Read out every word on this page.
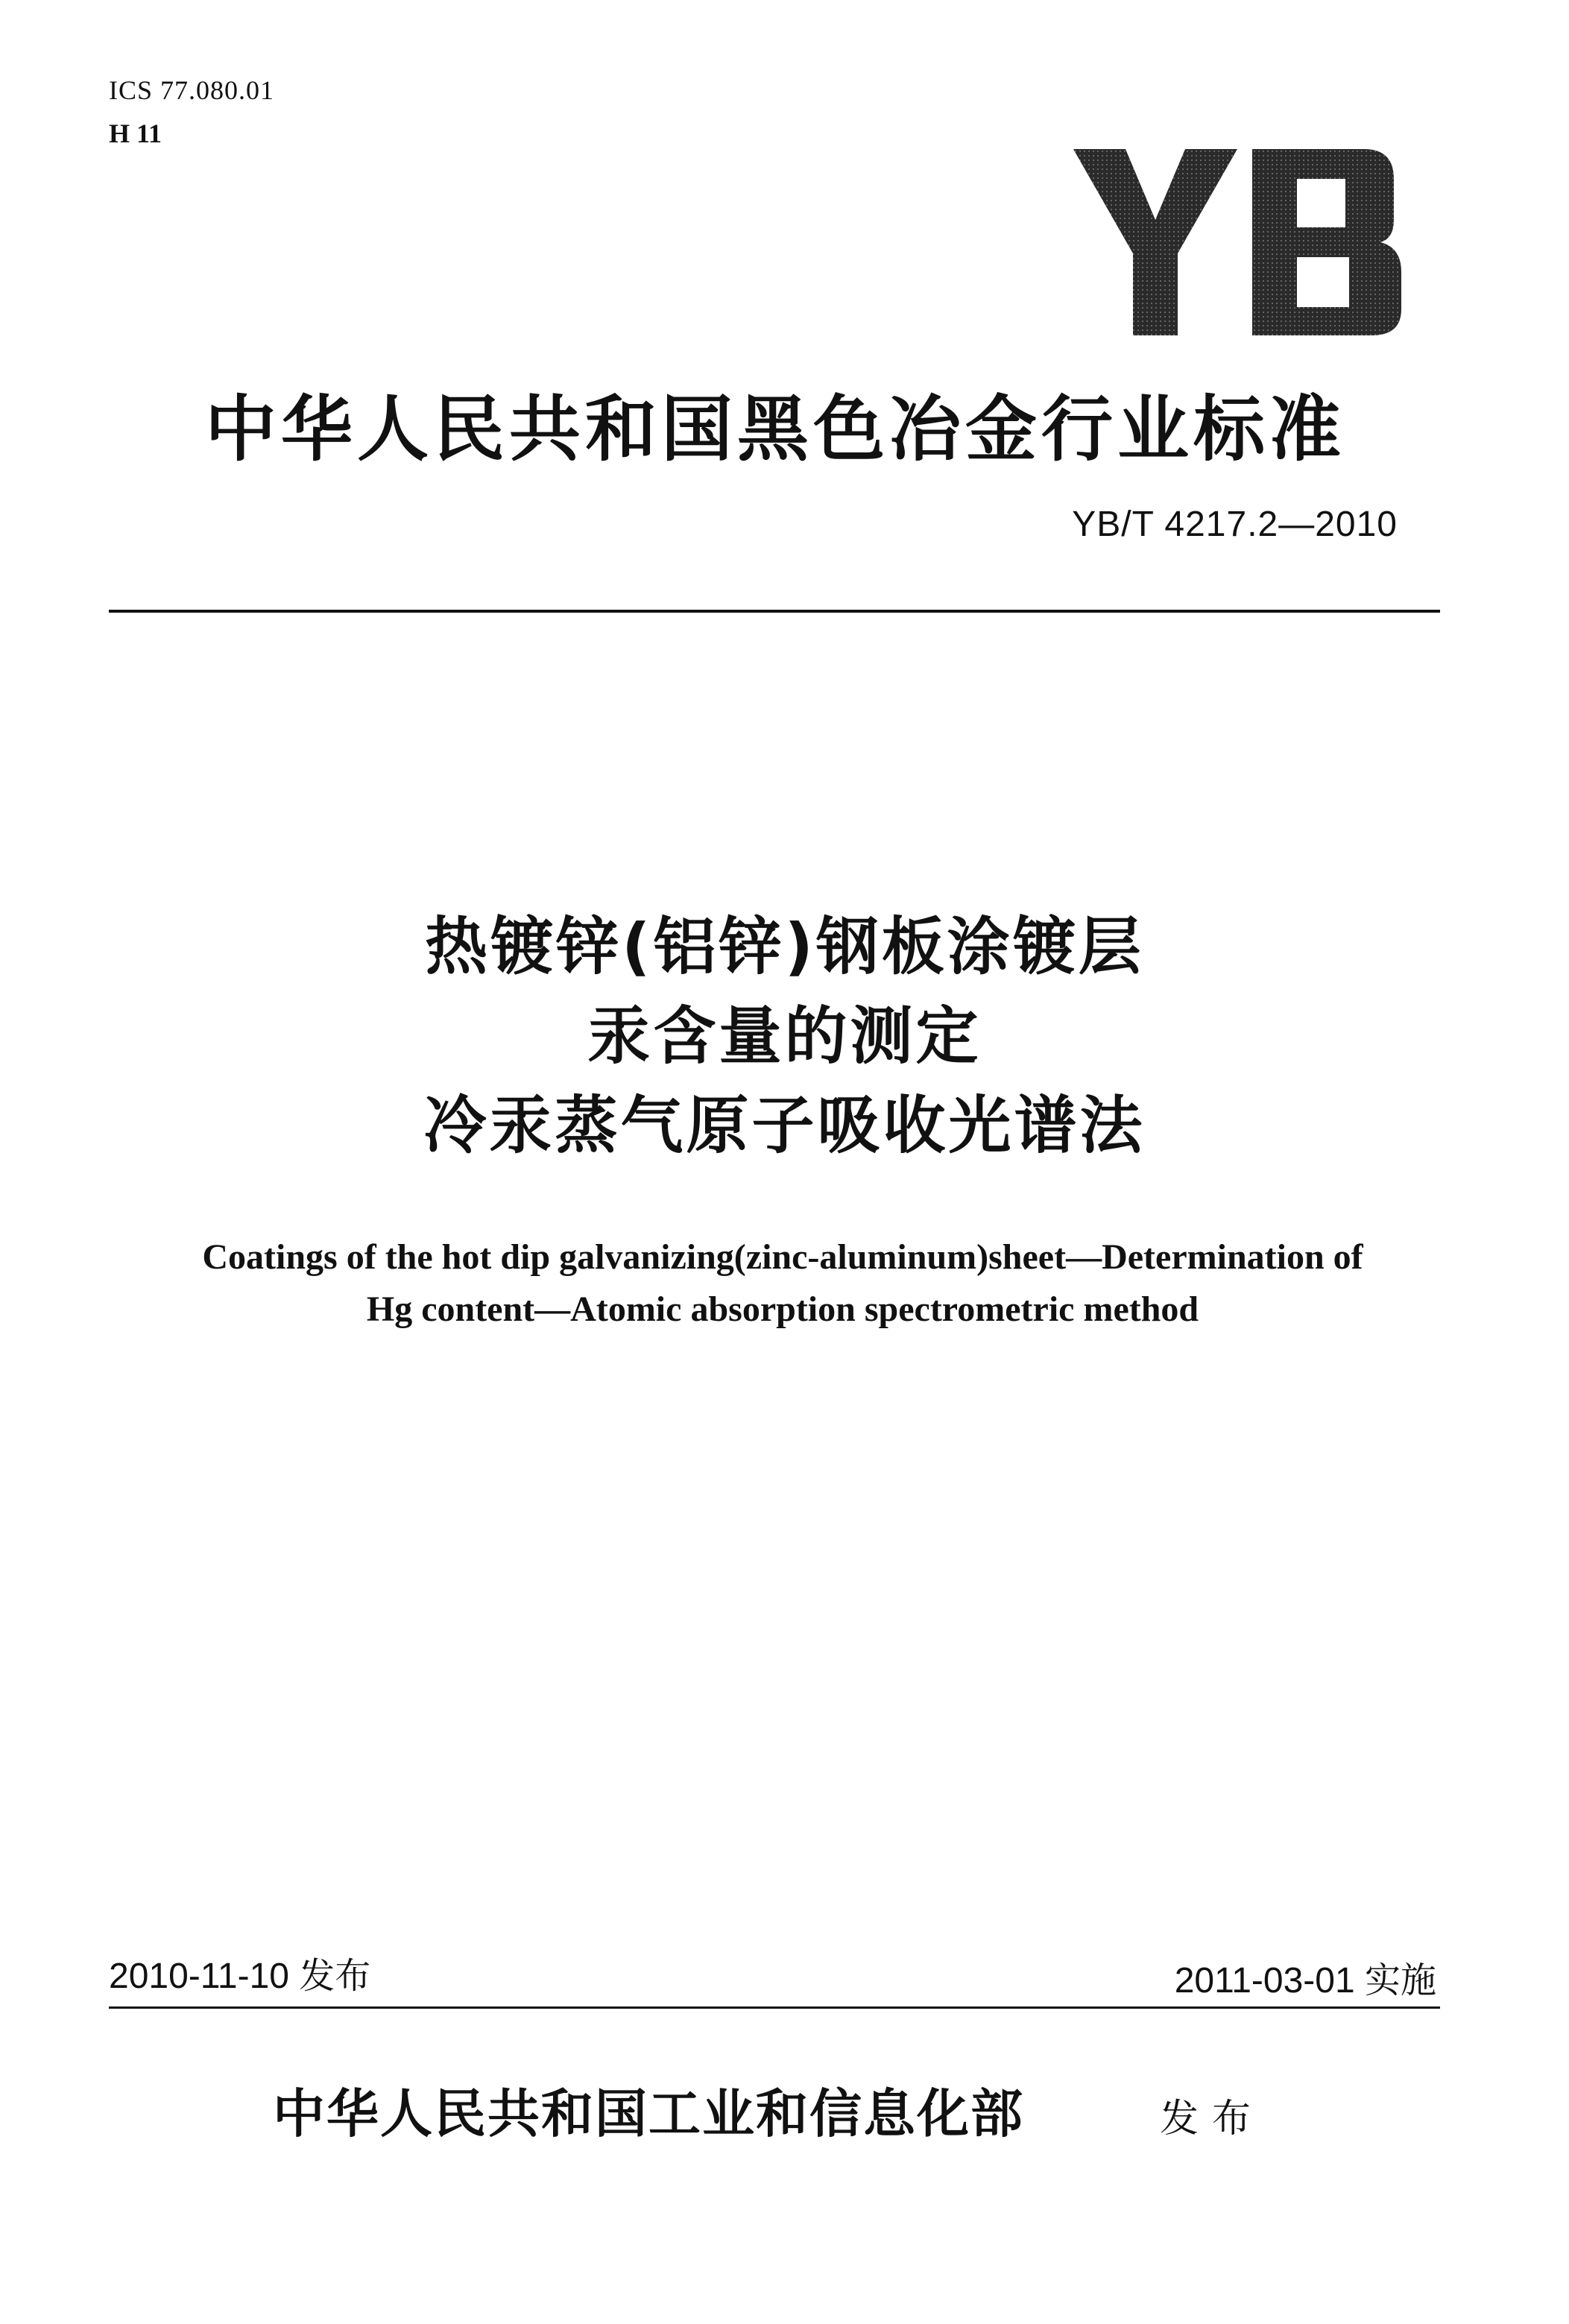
ICS 77.080.01
H 11
中华人民共和国黑色冶金行业标准
YB/T 4217.2—2010
热镀锌(铝锌)钢板涂镀层
汞含量的测定
冷汞蒸气原子吸收光谱法
Coatings of the hot dip galvanizing(zinc-aluminum)sheet—Determination of
Hg content—Atomic absorption spectrometric method
2010-11-10 发布	2011-03-01 实施
中华人民共和国工业和信息化部	发布
